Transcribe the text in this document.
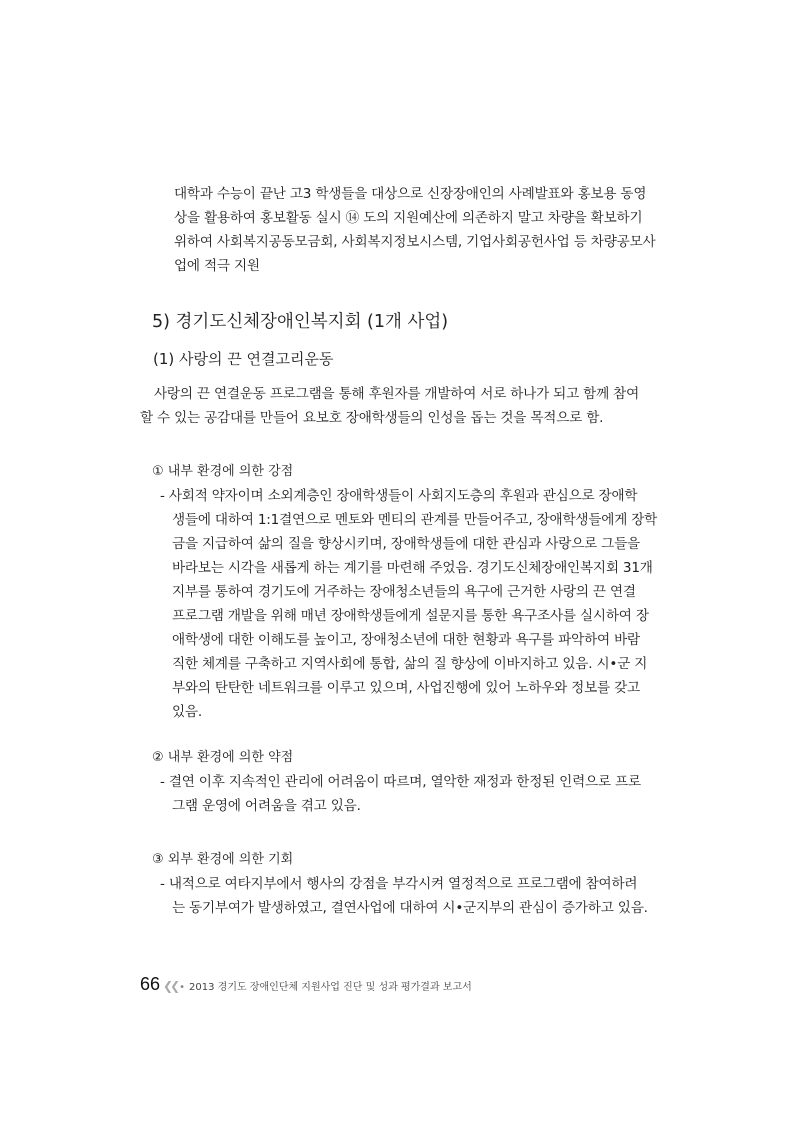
대학과 수능이 끝난 고3 학생들을 대상으로 신장장애인의 사례발표와 홍보용 동영
상을 활용하여 홍보활동 실시 ⑭ 도의 지원예산에 의존하지 말고 차량을 확보하기
위하여 사회복지공동모금회, 사회복지정보시스템, 기업사회공헌사업 등 차량공모사
업에 적극 지원
5) 경기도신체장애인복지회 (1개 사업)
(1) 사랑의 끈 연결고리운동
사랑의 끈 연결운동 프로그램을 통해 후원자를 개발하여 서로 하나가 되고 함께 참여
할 수 있는 공감대를 만들어 요보호 장애학생들의 인성을 돕는 것을 목적으로 함.
① 내부 환경에 의한 강점
- 사회적 약자이며 소외계층인 장애학생들이 사회지도층의 후원과 관심으로 장애학
생들에 대하여 1:1결연으로 멘토와 멘티의 관계를 만들어주고, 장애학생들에게 장학
금을 지급하여 삶의 질을 향상시키며, 장애학생들에 대한 관심과 사랑으로 그들을
바라보는 시각을 새롭게 하는 계기를 마련해 주었음. 경기도신체장애인복지회 31개
지부를 통하여 경기도에 거주하는 장애청소년들의 욕구에 근거한 사랑의 끈 연결
프로그램 개발을 위해 매년 장애학생들에게 설문지를 통한 욕구조사를 실시하여 장
애학생에 대한 이해도를 높이고, 장애청소년에 대한 현황과 욕구를 파악하여 바람
직한 체계를 구축하고 지역사회에 통합, 삶의 질 향상에 이바지하고 있음. 시•군 지
부와의 탄탄한 네트워크를 이루고 있으며, 사업진행에 있어 노하우와 정보를 갖고
있음.
② 내부 환경에 의한 약점
- 결연 이후 지속적인 관리에 어려움이 따르며, 열악한 재정과 한정된 인력으로 프로
그램 운영에 어려움을 겪고 있음.
③ 외부 환경에 의한 기회
- 내적으로 여타지부에서 행사의 강점을 부각시켜 열정적으로 프로그램에 참여하려
는 동기부여가 발생하였고, 결연사업에 대하여 시•군지부의 관심이 증가하고 있음.
66 ❮❮ • 2013 경기도 장애인단체 지원사업 진단 및 성과 평가결과 보고서
